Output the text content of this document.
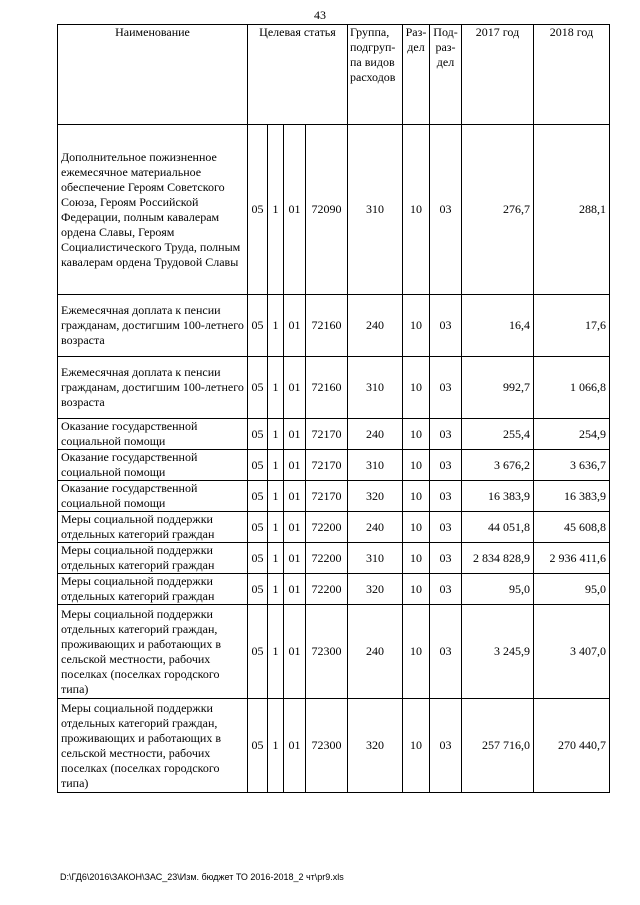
43
Наименование	Целевая статья				Группа, подгруп-па видов расходов	Раз-дел	Под-раз-дел	2017 год	2018 год
Дополнительное пожизненное ежемесячное материальное обеспечение Героям Советского Союза, Героям Российской Федерации, полным кавалерам ордена Славы, Героям Социалистического Труда, полным кавалерам ордена Трудовой Славы	05	1	01	72090	310	10	03	276,7	288,1
Ежемесячная доплата к пенсии гражданам, достигшим 100-летнего возраста	05	1	01	72160	240	10	03	16,4	17,6
Ежемесячная доплата к пенсии гражданам, достигшим 100-летнего возраста	05	1	01	72160	310	10	03	992,7	1 066,8
Оказание государственной социальной помощи	05	1	01	72170	240	10	03	255,4	254,9
Оказание государственной социальной помощи	05	1	01	72170	310	10	03	3 676,2	3 636,7
Оказание государственной социальной помощи	05	1	01	72170	320	10	03	16 383,9	16 383,9
Меры социальной поддержки отдельных категорий граждан	05	1	01	72200	240	10	03	44 051,8	45 608,8
Меры социальной поддержки отдельных категорий граждан	05	1	01	72200	310	10	03	2 834 828,9	2 936 411,6
Меры социальной поддержки отдельных категорий граждан	05	1	01	72200	320	10	03	95,0	95,0
Меры социальной поддержки отдельных категорий граждан, проживающих и работающих в сельской местности, рабочих поселках (поселках городского типа)	05	1	01	72300	240	10	03	3 245,9	3 407,0
Меры социальной поддержки отдельных категорий граждан, проживающих и работающих в сельской местности, рабочих поселках (поселках городского типа)	05	1	01	72300	320	10	03	257 716,0	270 440,7
D:\ГД6\2016\ЗАКОН\ЗАС_23\Изм. бюджет ТО 2016-2018_2 чт\pr9.xls
